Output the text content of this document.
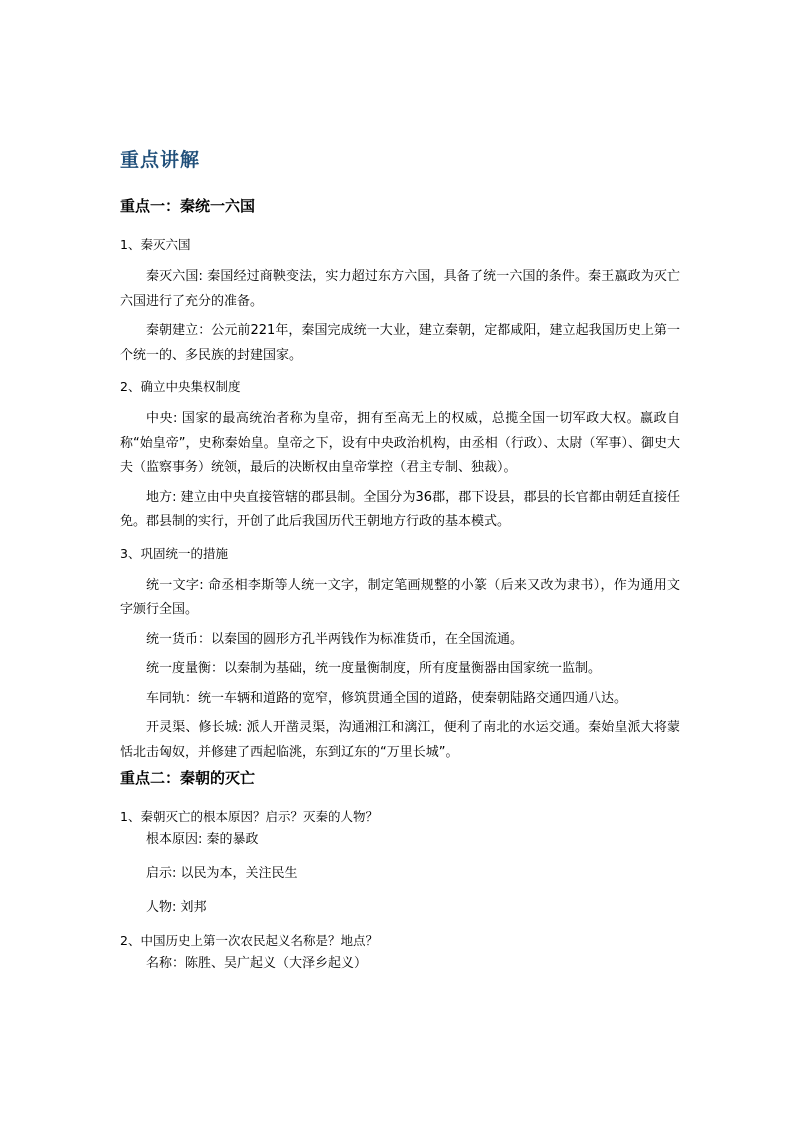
重点讲解
重点一：秦统一六国
1、秦灭六国

秦灭六国: 秦国经过商鞅变法，实力超过东方六国，具备了统一六国的条件。秦王嬴政为灭亡六国进行了充分的准备。

秦朝建立：公元前221年，秦国完成统一大业，建立秦朝，定都咸阳，建立起我国历史上第一个统一的、多民族的封建国家。

2、确立中央集权制度

中央: 国家的最高统治者称为皇帝，拥有至高无上的权威，总揽全国一切军政大权。嬴政自称“始皇帝”，史称秦始皇。皇帝之下，设有中央政治机构，由丞相（行政）、太尉（军事）、御史大夫（监察事务）统领，最后的决断权由皇帝掌控（君主专制、独裁）。

地方: 建立由中央直接管辖的郡县制。全国分为36郡，郡下设县，郡县的长官都由朝廷直接任免。郡县制的实行，开创了此后我国历代王朝地方行政的基本模式。

3、巩固统一的措施

统一文字: 命丞相李斯等人统一文字，制定笔画规整的小篆（后来又改为隶书），作为通用文字颁行全国。

统一货币：以秦国的圆形方孔半两钱作为标准货币，在全国流通。

统一度量衡：以秦制为基础，统一度量衡制度，所有度量衡器由国家统一监制。

车同轨：统一车辆和道路的宽窄，修筑贯通全国的道路，使秦朝陆路交通四通八达。

开灵渠、修长城: 派人开凿灵渠，沟通湘江和漓江，便利了南北的水运交通。秦始皇派大将蒙恬北击匈奴，并修建了西起临洮，东到辽东的“万里长城”。

重点二：秦朝的灭亡
1、秦朝灭亡的根本原因？启示？灭秦的人物？

根本原因: 秦的暴政

启示: 以民为本，关注民生

人物: 刘邦

2、中国历史上第一次农民起义名称是？地点？

名称：陈胜、吴广起义（大泽乡起义）
